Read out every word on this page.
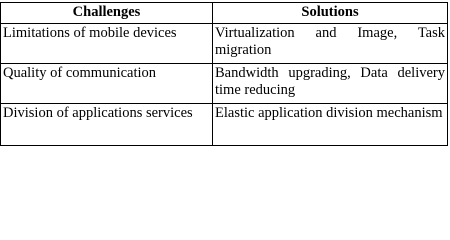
Challenges	Solutions
Limitations of mobile devices	Virtualization and Image, Task migration
Quality of communication	Bandwidth upgrading, Data delivery time reducing
Division of applications services	Elastic application division mechanism
